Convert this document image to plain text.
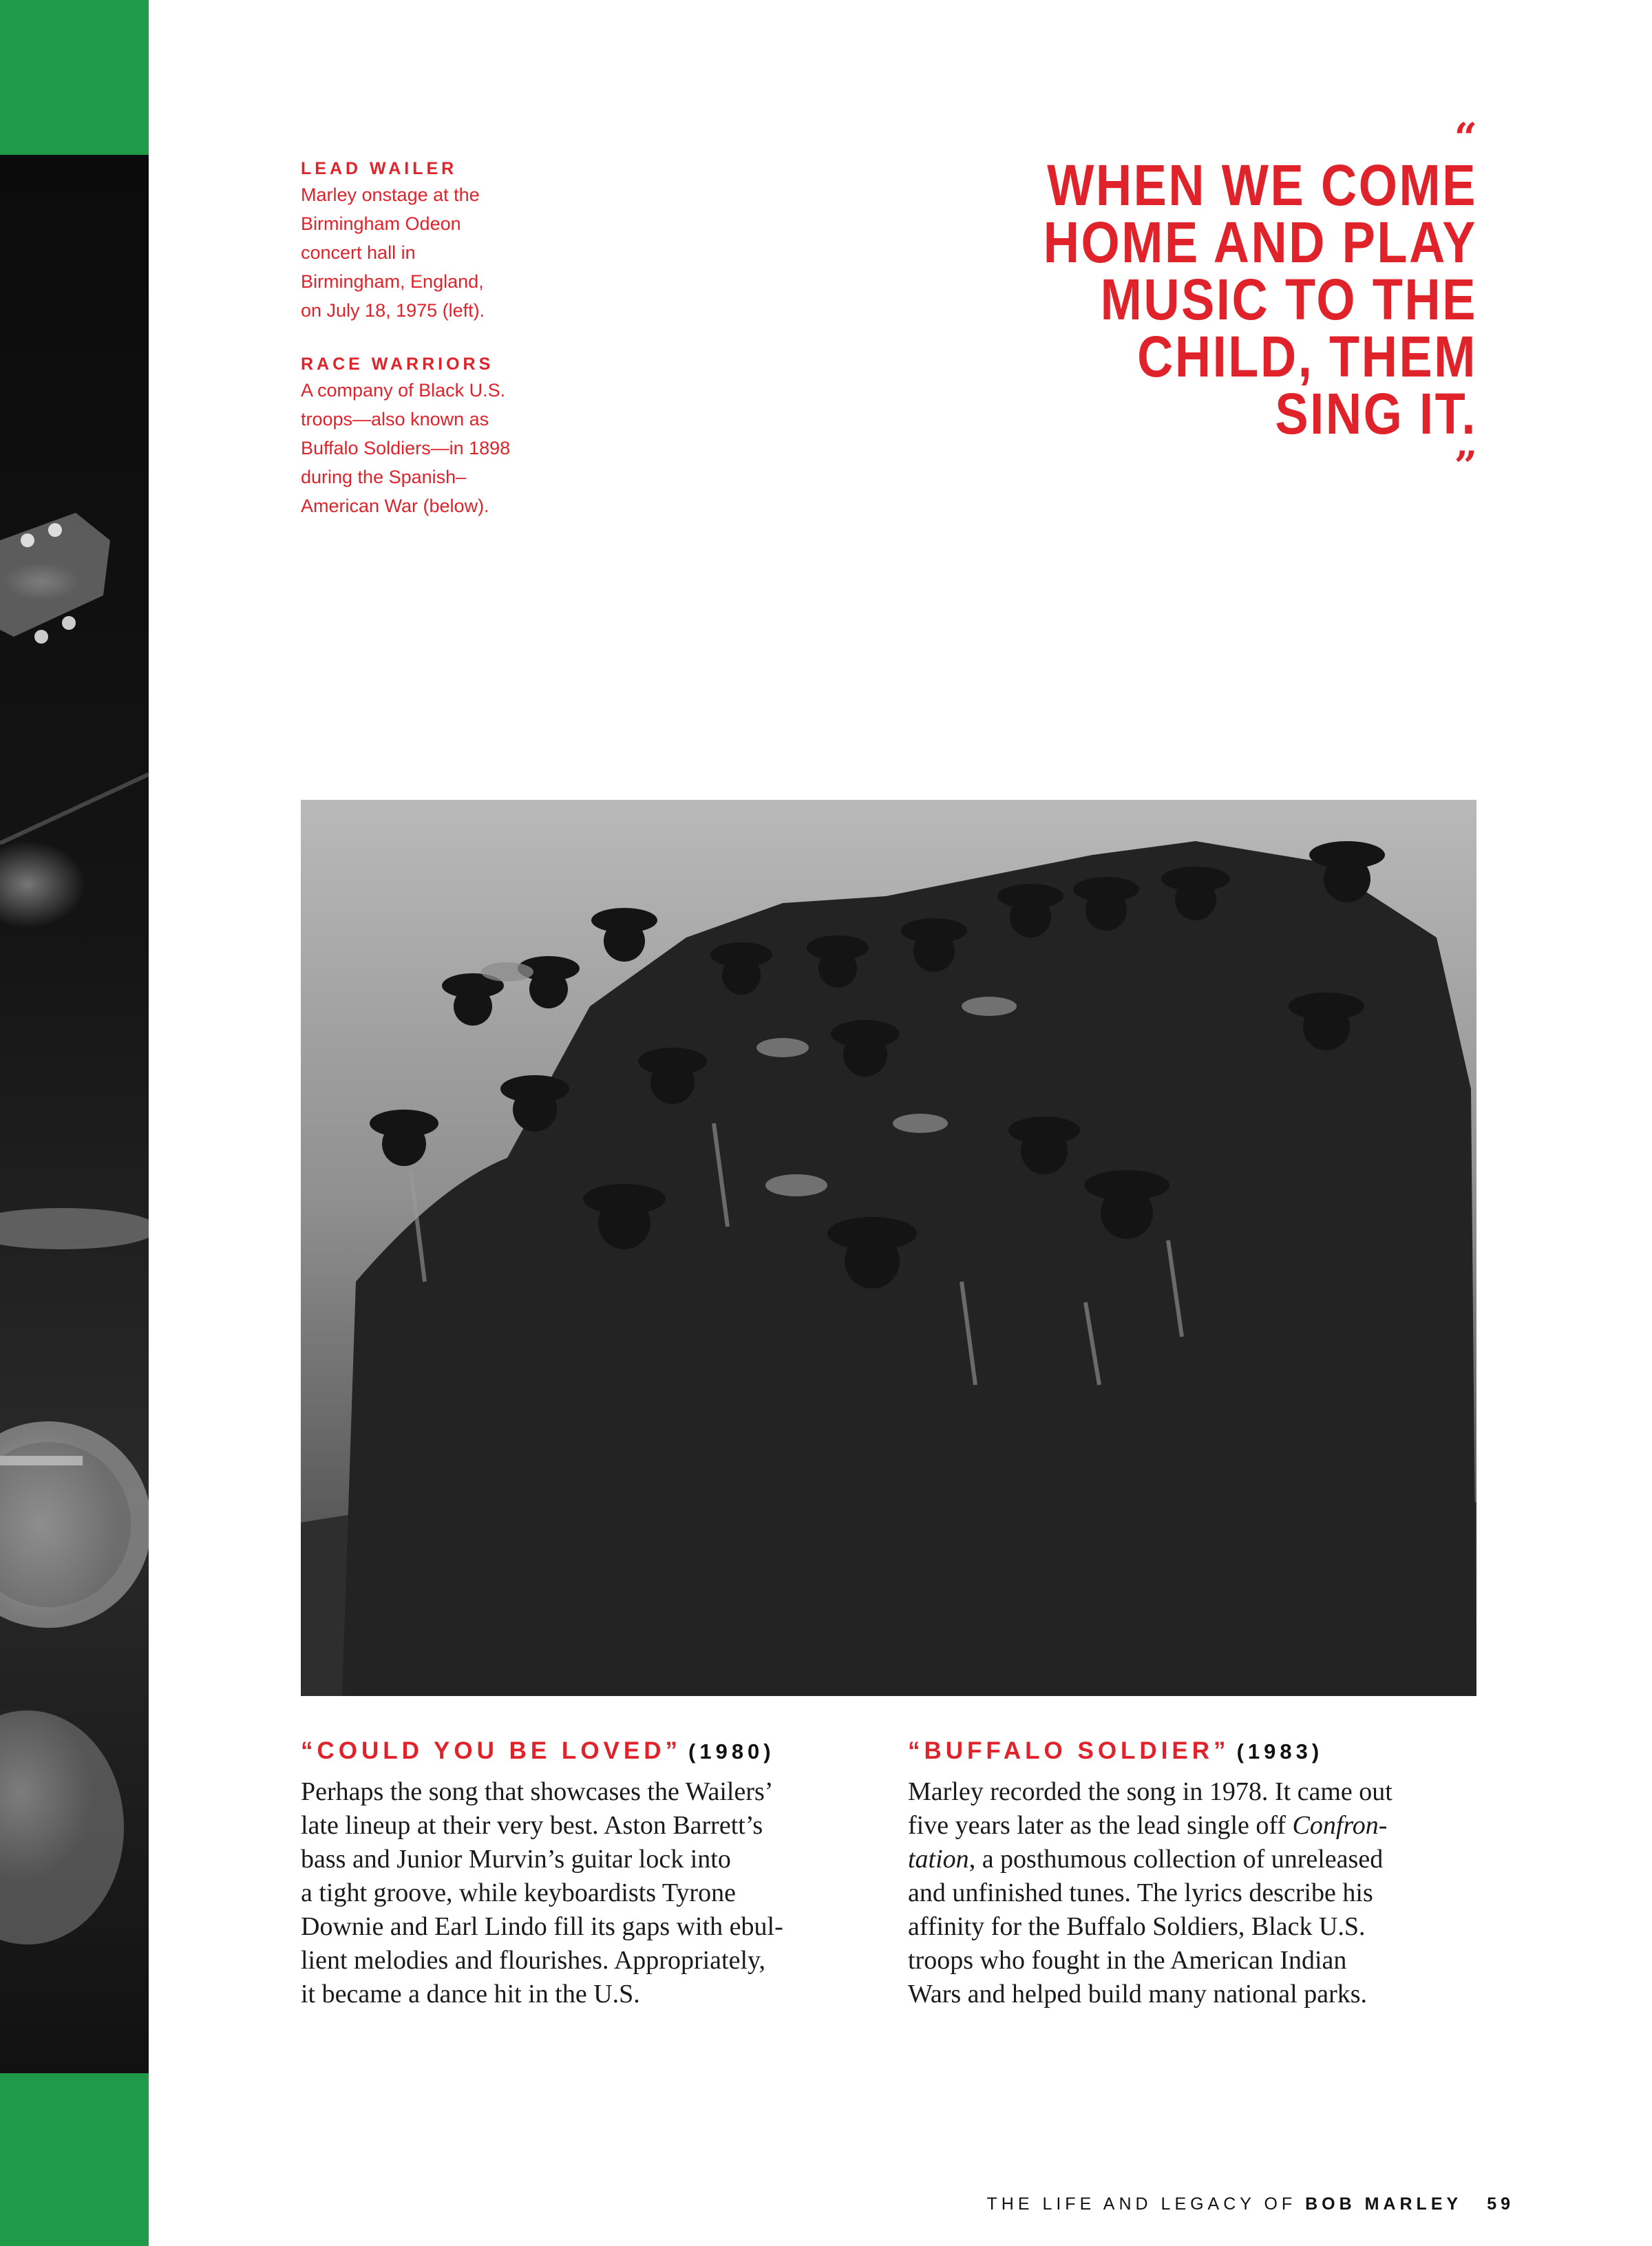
LEAD WAILER

Marley onstage at the
Birmingham Odeon
concert hall in
Birmingham, England,
on July 18, 1975 (left).

RACE WARRIORS

A company of Black U.S.
troops—also known as
Buffalo Soldiers—in 1898
during the Spanish–
American War (below).

“
WHEN WE COME
HOME AND PLAY
MUSIC TO THE
CHILD, THEM
SING IT.
”

“COULD YOU BE LOVED” (1980)

Perhaps the song that showcases the Wailers’
late lineup at their very best. Aston Barrett’s
bass and Junior Murvin’s guitar lock into
a tight groove, while keyboardists Tyrone
Downie and Earl Lindo fill its gaps with ebul-
lient melodies and flourishes. Appropriately,
it became a dance hit in the U.S.

“BUFFALO SOLDIER” (1983)

Marley recorded the song in 1978. It came out
five years later as the lead single off Confron-
tation, a posthumous collection of unreleased
and unfinished tunes. The lyrics describe his
affinity for the Buffalo Soldiers, Black U.S.
troops who fought in the American Indian
Wars and helped build many national parks.

THE LIFE AND LEGACY OF BOB MARLEY 59
